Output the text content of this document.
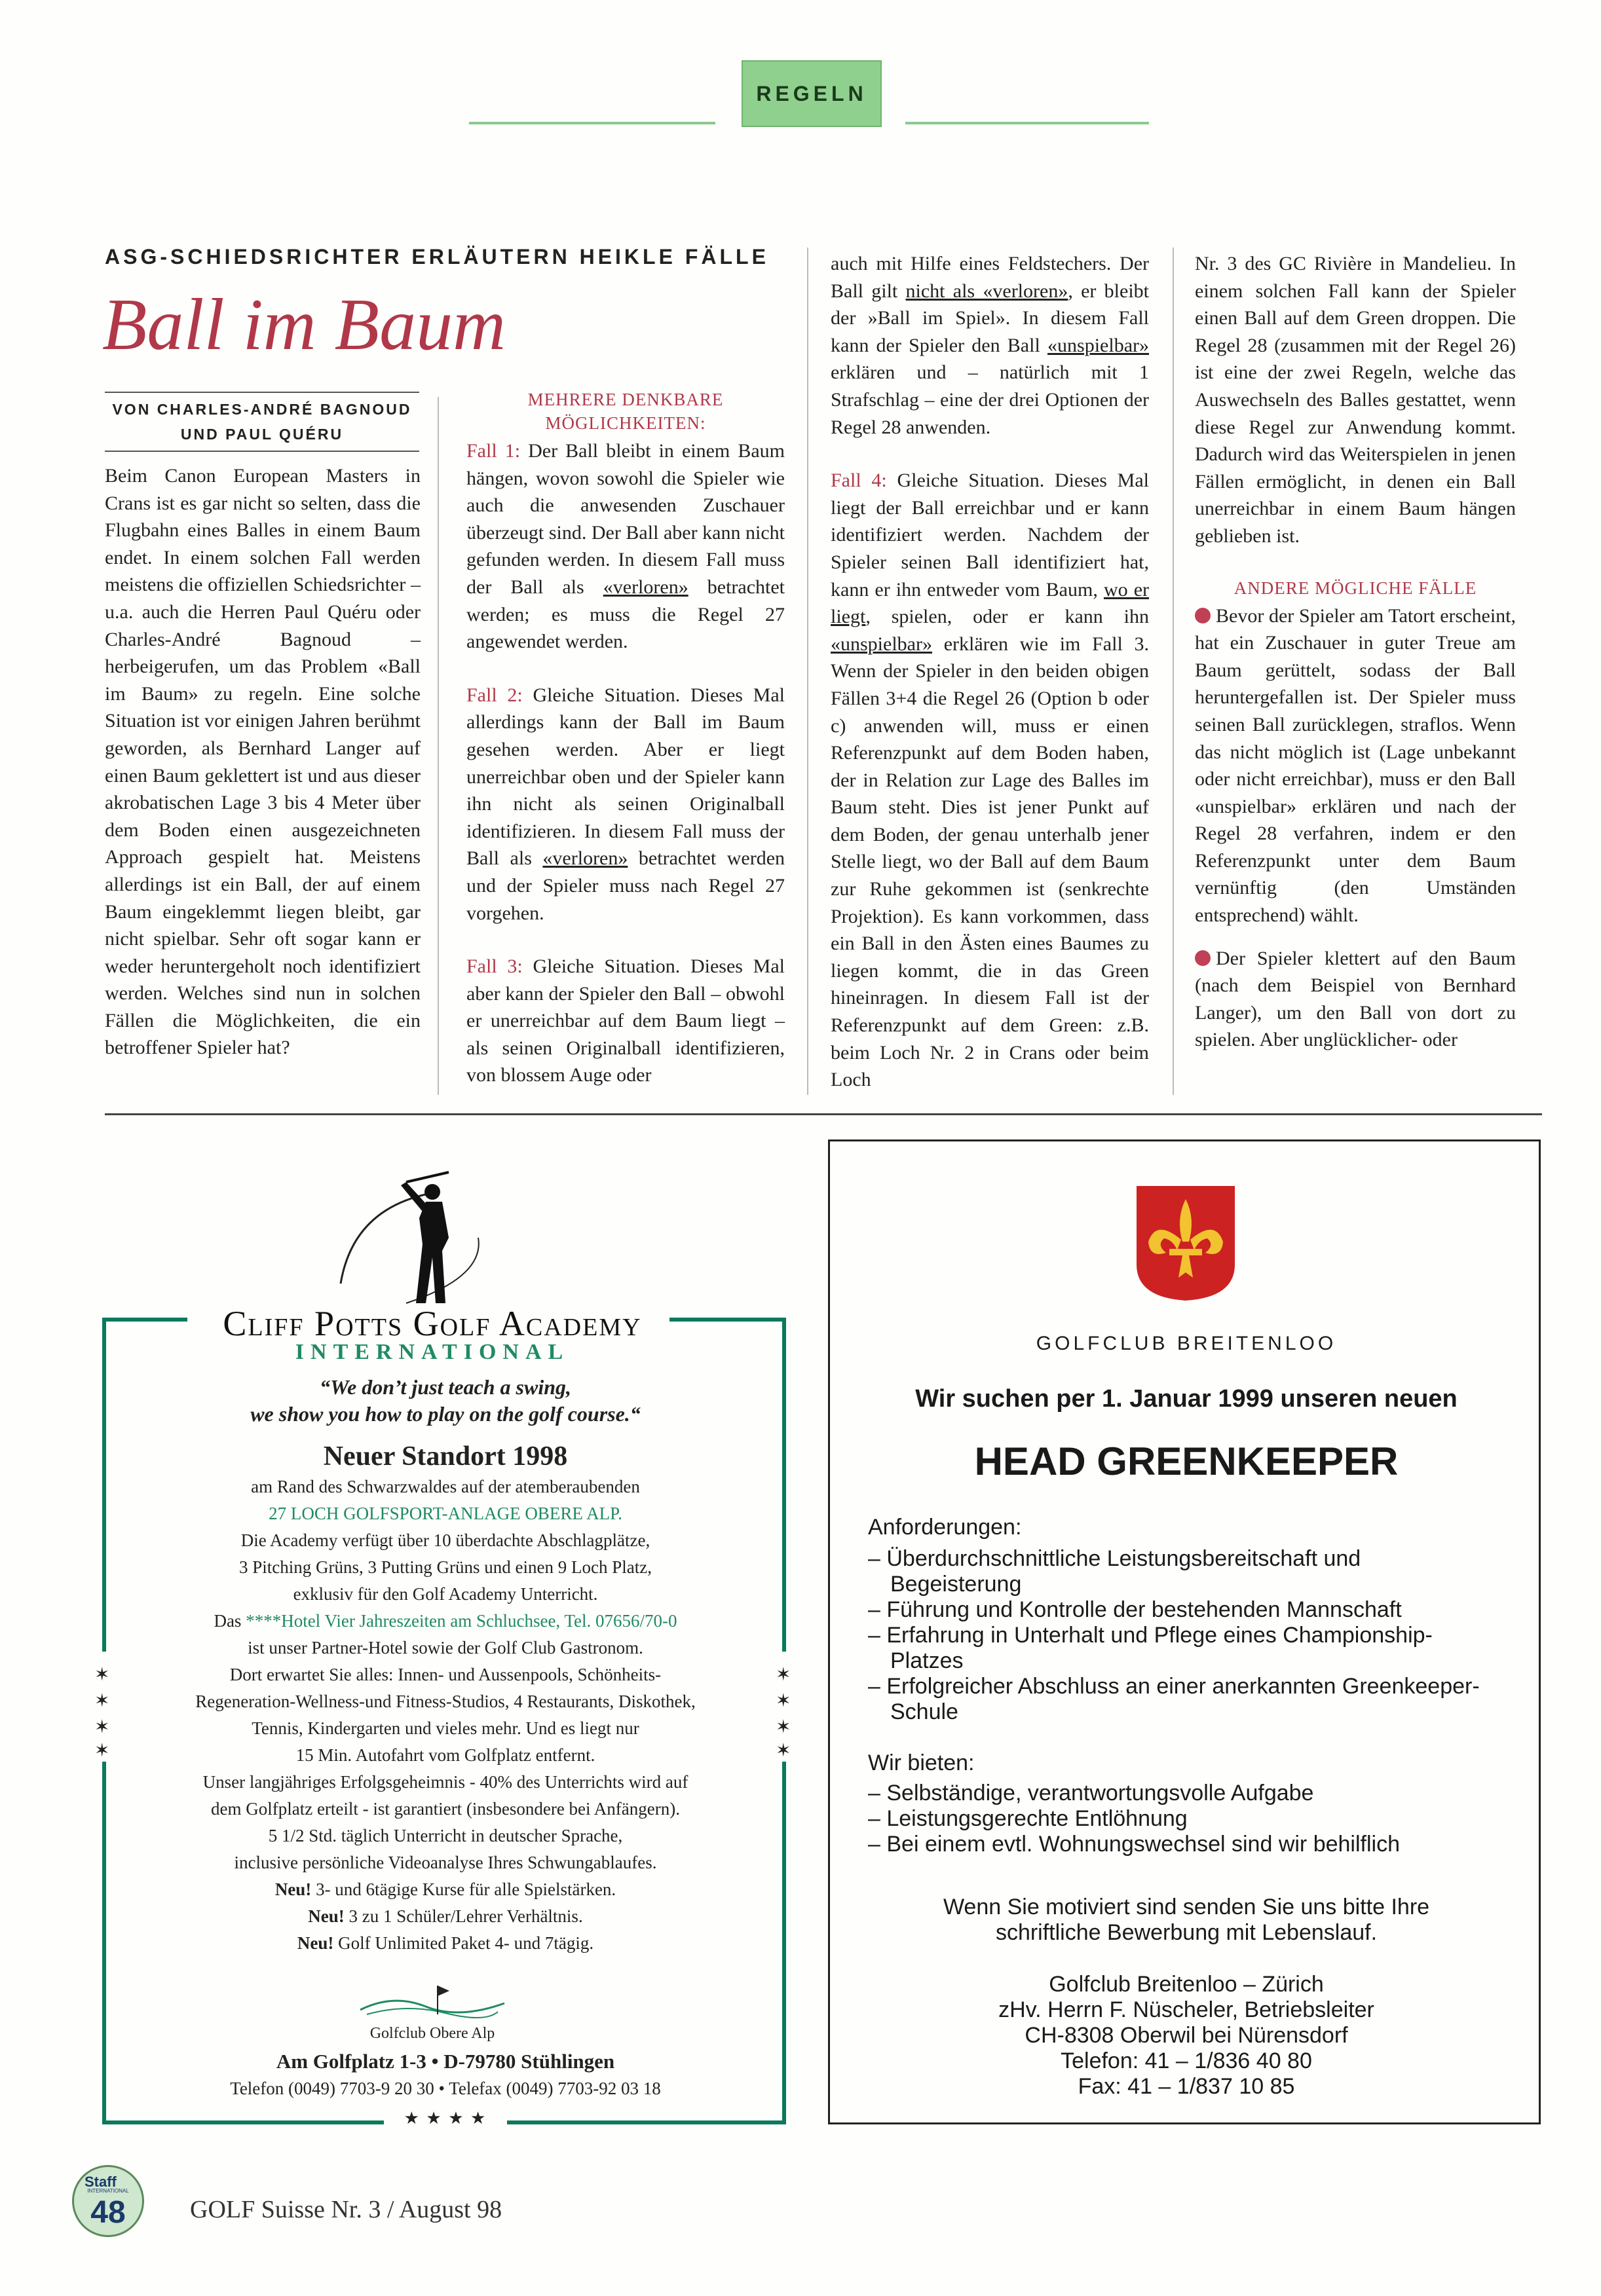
REGELN
ASG-SCHIEDSRICHTER ERLÄUTERN HEIKLE FÄLLE
Ball im Baum
VON CHARLES-ANDRÉ BAGNOUD
UND PAUL QUÉRU

Beim Canon European Masters in Crans ist es gar nicht so selten, dass die Flugbahn eines Balles in einem Baum endet. In einem solchen Fall werden meistens die offiziellen Schiedsrichter – u.a. auch die Herren Paul Quéru oder Charles-André Bagnoud – herbeigerufen, um das Problem «Ball im Baum» zu regeln. Eine solche Situation ist vor einigen Jahren berühmt geworden, als Bernhard Langer auf einen Baum geklettert ist und aus dieser akrobatischen Lage 3 bis 4 Meter über dem Boden einen ausgezeichneten Approach gespielt hat. Meistens allerdings ist ein Ball, der auf einem Baum eingeklemmt liegen bleibt, gar nicht spielbar. Sehr oft sogar kann er weder heruntergeholt noch identifiziert werden. Welches sind nun in solchen Fällen die Möglichkeiten, die ein betroffener Spieler hat?

MEHRERE DENKBARE
MÖGLICHKEITEN:

Fall 1: Der Ball bleibt in einem Baum hängen, wovon sowohl die Spieler wie auch die anwesenden Zuschauer überzeugt sind. Der Ball aber kann nicht gefunden werden. In diesem Fall muss der Ball als «verloren» betrachtet werden; es muss die Regel 27 angewendet werden.

Fall 2: Gleiche Situation. Dieses Mal allerdings kann der Ball im Baum gesehen werden. Aber er liegt unerreichbar oben und der Spieler kann ihn nicht als seinen Originalball identifizieren. In diesem Fall muss der Ball als «verloren» betrachtet werden und der Spieler muss nach Regel 27 vorgehen.

Fall 3: Gleiche Situation. Dieses Mal aber kann der Spieler den Ball – obwohl er unerreichbar auf dem Baum liegt – als seinen Originalball identifizieren, von blossem Auge oder

auch mit Hilfe eines Feldstechers. Der Ball gilt nicht als «verloren», er bleibt der »Ball im Spiel». In diesem Fall kann der Spieler den Ball «unspielbar» erklären und – natürlich mit 1 Strafschlag – eine der drei Optionen der Regel 28 anwenden.

Fall 4: Gleiche Situation. Dieses Mal liegt der Ball erreichbar und er kann identifiziert werden. Nachdem der Spieler seinen Ball identifiziert hat, kann er ihn entweder vom Baum, wo er liegt, spielen, oder er kann ihn «unspielbar» erklären wie im Fall 3. Wenn der Spieler in den beiden obigen Fällen 3+4 die Regel 26 (Option b oder c) anwenden will, muss er einen Referenzpunkt auf dem Boden haben, der in Relation zur Lage des Balles im Baum steht. Dies ist jener Punkt auf dem Boden, der genau unterhalb jener Stelle liegt, wo der Ball auf dem Baum zur Ruhe gekommen ist (senkrechte Projektion). Es kann vorkommen, dass ein Ball in den Ästen eines Baumes zu liegen kommt, die in das Green hineinragen. In diesem Fall ist der Referenzpunkt auf dem Green: z.B. beim Loch Nr. 2 in Crans oder beim Loch

Nr. 3 des GC Rivière in Mandelieu. In einem solchen Fall kann der Spieler einen Ball auf dem Green droppen. Die Regel 28 (zusammen mit der Regel 26) ist eine der zwei Regeln, welche das Auswechseln des Balles gestattet, wenn diese Regel zur Anwendung kommt. Dadurch wird das Weiterspielen in jenen Fällen ermöglicht, in denen ein Ball unerreichbar in einem Baum hängen geblieben ist.

ANDERE MÖGLICHE FÄLLE

Bevor der Spieler am Tatort erscheint, hat ein Zuschauer in guter Treue am Baum gerüttelt, sodass der Ball heruntergefallen ist. Der Spieler muss seinen Ball zurücklegen, straflos. Wenn das nicht möglich ist (Lage unbekannt oder nicht erreichbar), muss er den Ball «unspielbar» erklären und nach der Regel 28 verfahren, indem er den Referenzpunkt unter dem Baum vernünftig (den Umständen entsprechend) wählt.

Der Spieler klettert auf den Baum (nach dem Beispiel von Bernhard Langer), um den Ball von dort zu spielen. Aber unglücklicher- oder

★ ★ ★ ★
✶
✶
✶
✶
✶
✶
✶
✶
Cliff Potts Golf Academy
INTERNATIONAL
“We don’t just teach a swing,
we show you how to play on the golf course.“
Neuer Standort 1998
am Rand des Schwarzwaldes auf der atemberaubenden
27 LOCH GOLFSPORT-ANLAGE OBERE ALP.
Die Academy verfügt über 10 überdachte Abschlagplätze,
3 Pitching Grüns, 3 Putting Grüns und einen 9 Loch Platz,
exklusiv für den Golf Academy Unterricht.
Das ****Hotel Vier Jahreszeiten am Schluchsee, Tel. 07656/70-0
ist unser Partner-Hotel sowie der Golf Club Gastronom.
Dort erwartet Sie alles: Innen- und Aussenpools, Schönheits-
Regeneration-Wellness-und Fitness-Studios, 4 Restaurants, Diskothek,
Tennis, Kindergarten und vieles mehr. Und es liegt nur
15 Min. Autofahrt vom Golfplatz entfernt.
Unser langjähriges Erfolgsgeheimnis - 40% des Unterrichts wird auf
dem Golfplatz erteilt - ist garantiert (insbesondere bei Anfängern).
5 1/2 Std. täglich Unterricht in deutscher Sprache,
inclusive persönliche Videoanalyse Ihres Schwungablaufes.
Neu! 3- und 6tägige Kurse für alle Spielstärken.
Neu! 3 zu 1 Schüler/Lehrer Verhältnis.
Neu! Golf Unlimited Paket 4- und 7tägig.
Golfclub Obere Alp
Am Golfplatz 1-3 • D-79780 Stühlingen
Telefon (0049) 7703-9 20 30 • Telefax (0049) 7703-92 03 18
GOLFCLUB BREITENLOO
Wir suchen per 1. Januar 1999 unseren neuen
HEAD GREENKEEPER
Anforderungen:
– Überdurchschnittliche Leistungsbereitschaft und Begeisterung
– Führung und Kontrolle der bestehenden Mannschaft
– Erfahrung in Unterhalt und Pflege eines Championship-Platzes
– Erfolgreicher Abschluss an einer anerkannten Greenkeeper-Schule
Wir bieten:
– Selbständige, verantwortungsvolle Aufgabe
– Leistungsgerechte Entlöhnung
– Bei einem evtl. Wohnungswechsel sind wir behilflich
Wenn Sie motiviert sind senden Sie uns bitte Ihre
schriftliche Bewerbung mit Lebenslauf.
Golfclub Breitenloo – Zürich
zHv. Herrn F. Nüscheler, Betriebsleiter
CH-8308 Oberwil bei Nürensdorf
Telefon: 41 – 1/836 40 80
Fax: 41 – 1/837 10 85
Staff
INTERNATIONAL
48	GOLF Suisse Nr. 3 / August 98
